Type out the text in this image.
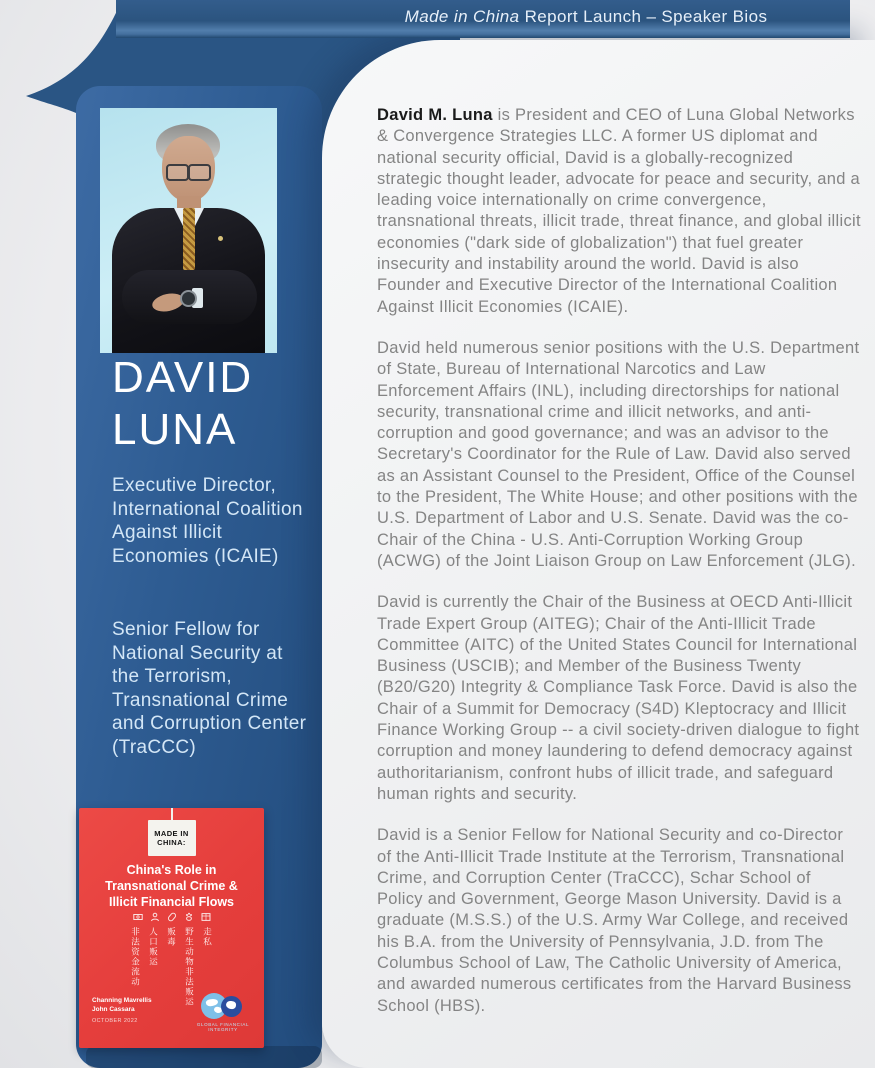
Made in China Report Launch – Speaker Bios
DAVID
LUNA
Executive Director,
International Coalition
Against Illicit
Economies (ICAIE)
Senior Fellow for
National Security at
the Terrorism,
Transnational Crime
and Corruption Center
(TraCCC)
MADE IN
CHINA:
China's Role in
Transnational Crime &
Illicit Financial Flows
非法资金流动 人口贩运 贩毒 野生动物非法贩运 走私
Channing Mavrellis
John Cassara
OCTOBER 2022
GLOBAL FINANCIAL INTEGRITY

David M. Luna is President and CEO of Luna Global Networks & Convergence Strategies LLC. A former US diplomat and national security official, David is a globally-recognized strategic thought leader, advocate for peace and security, and a leading voice internationally on crime convergence, transnational threats, illicit trade, threat finance, and global illicit economies ("dark side of globalization") that fuel greater insecurity and instability around the world. David is also Founder and Executive Director of the International Coalition Against Illicit Economies (ICAIE).

David held numerous senior positions with the U.S. Department of State, Bureau of International Narcotics and Law Enforcement Affairs (INL), including directorships for national security, transnational crime and illicit networks, and anti-corruption and good governance; and was an advisor to the Secretary's Coordinator for the Rule of Law. David also served as an Assistant Counsel to the President, Office of the Counsel to the President, The White House; and other positions with the U.S. Department of Labor and U.S. Senate. David was the co-Chair of the China - U.S. Anti-Corruption Working Group (ACWG) of the Joint Liaison Group on Law Enforcement (JLG).

David is currently the Chair of the Business at OECD Anti-Illicit Trade Expert Group (AITEG); Chair of the Anti-Illicit Trade Committee (AITC) of the United States Council for International Business (USCIB); and Member of the Business Twenty (B20/G20) Integrity & Compliance Task Force. David is also the Chair of a Summit for Democracy (S4D) Kleptocracy and Illicit Finance Working Group -- a civil society-driven dialogue to fight corruption and money laundering to defend democracy against authoritarianism, confront hubs of illicit trade, and safeguard human rights and security.

David is a Senior Fellow for National Security and co-Director of the Anti-Illicit Trade Institute at the Terrorism, Transnational Crime, and Corruption Center (TraCCC), Schar School of Policy and Government, George Mason University. David is a graduate (M.S.S.) of the U.S. Army War College, and received his B.A. from the University of Pennsylvania, J.D. from The Columbus School of Law, The Catholic University of America, and awarded numerous certificates from the Harvard Business School (HBS).
